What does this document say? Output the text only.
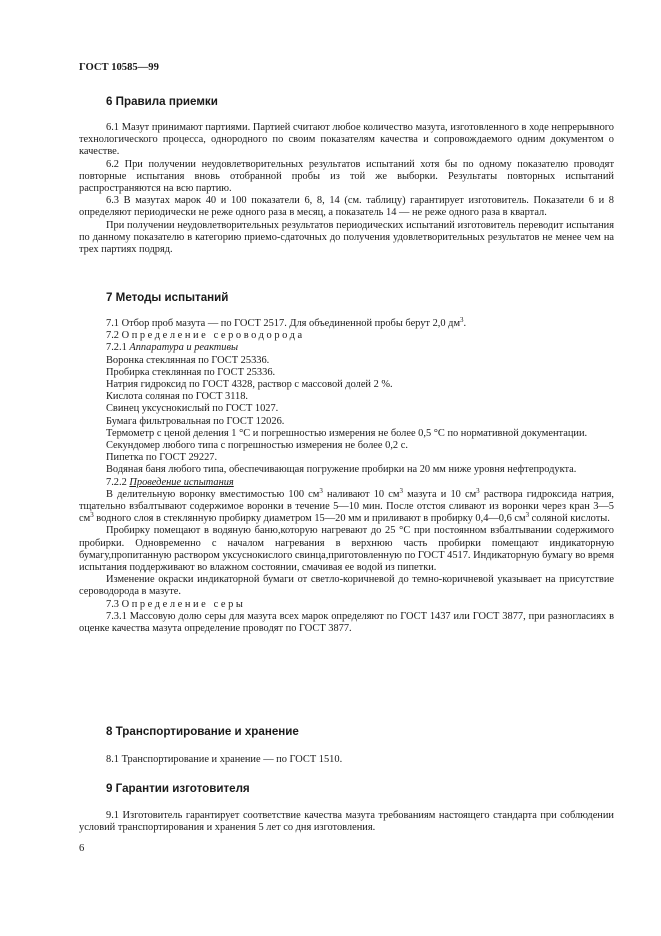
ГОСТ 10585—99
6 Правила приемки

6.1 Мазут принимают партиями. Партией считают любое количество мазута, изготовленного в ходе непрерывного технологического процесса, однородного по своим показателям качества и сопровождаемого одним документом о качестве.

6.2 При получении неудовлетворительных результатов испытаний хотя бы по одному показателю проводят повторные испытания вновь отобранной пробы из той же выборки. Результаты повторных испытаний распространяются на всю партию.

6.3 В мазутах марок 40 и 100 показатели 6, 8, 14 (см. таблицу) гарантирует изготовитель. Показатели 6 и 8 определяют периодически не реже одного раза в месяц, а показатель 14 — не реже одного раза в квартал.

При получении неудовлетворительных результатов периодических испытаний изготовитель переводит испытания по данному показателю в категорию приемо-сдаточных до получения удовлетворительных результатов не менее чем на трех партиях подряд.

7 Методы испытаний

7.1 Отбор проб мазута — по ГОСТ 2517. Для объединенной пробы берут 2,0 $дм^3$.

7.2 Определение сероводорода

7.2.1 Аппаратура и реактивы

Воронка стеклянная по ГОСТ 25336.

Пробирка стеклянная по ГОСТ 25336.

Натрия гидроксид по ГОСТ 4328, раствор с массовой долей 2 %.

Кислота соляная по ГОСТ 3118.

Свинец уксуснокислый по ГОСТ 1027.

Бумага фильтровальная по ГОСТ 12026.

Термометр с ценой деления 1 °С и погрешностью измерения не более 0,5 °С по нормативной документации.

Секундомер любого типа с погрешностью измерения не более 0,2 с.

Пипетка по ГОСТ 29227.

Водяная баня любого типа, обеспечивающая погружение пробирки на 20 мм ниже уровня нефтепродукта.

7.2.2 Проведение испытания

В делительную воронку вместимостью 100 $см^3$ наливают 10 $см^3$ мазута и 10 $см^3$ раствора гидроксида натрия, тщательно взбалтывают содержимое воронки в течение 5—10 мин. После отстоя сливают из воронки через кран 3—5 $см^3$ водного слоя в стеклянную пробирку диаметром 15—20 мм и приливают в пробирку 0,4—0,6 $см^3$ соляной кислоты.

Пробирку помещают в водяную баню,которую нагревают до 25 °С при постоянном взбалтывании содержимого пробирки. Одновременно с началом нагревания в верхнюю часть пробирки помещают индикаторную бумагу,пропитанную раствором уксуснокислого свинца,приготовленную по ГОСТ 4517. Индикаторную бумагу во время испытания поддерживают во влажном состоянии, смачивая ее водой из пипетки.

Изменение окраски индикаторной бумаги от светло-коричневой до темно-коричневой указывает на присутствие сероводорода в мазуте.

7.3 Определение серы

7.3.1 Массовую долю серы для мазута всех марок определяют по ГОСТ 1437 или ГОСТ 3877, при разногласиях в оценке качества мазута определение проводят по ГОСТ 3877.

8 Транспортирование и хранение

8.1 Транспортирование и хранение — по ГОСТ 1510.

9 Гарантии изготовителя

9.1 Изготовитель гарантирует соответствие качества мазута требованиям настоящего стандарта при соблюдении условий транспортирования и хранения 5 лет со дня изготовления.

6
